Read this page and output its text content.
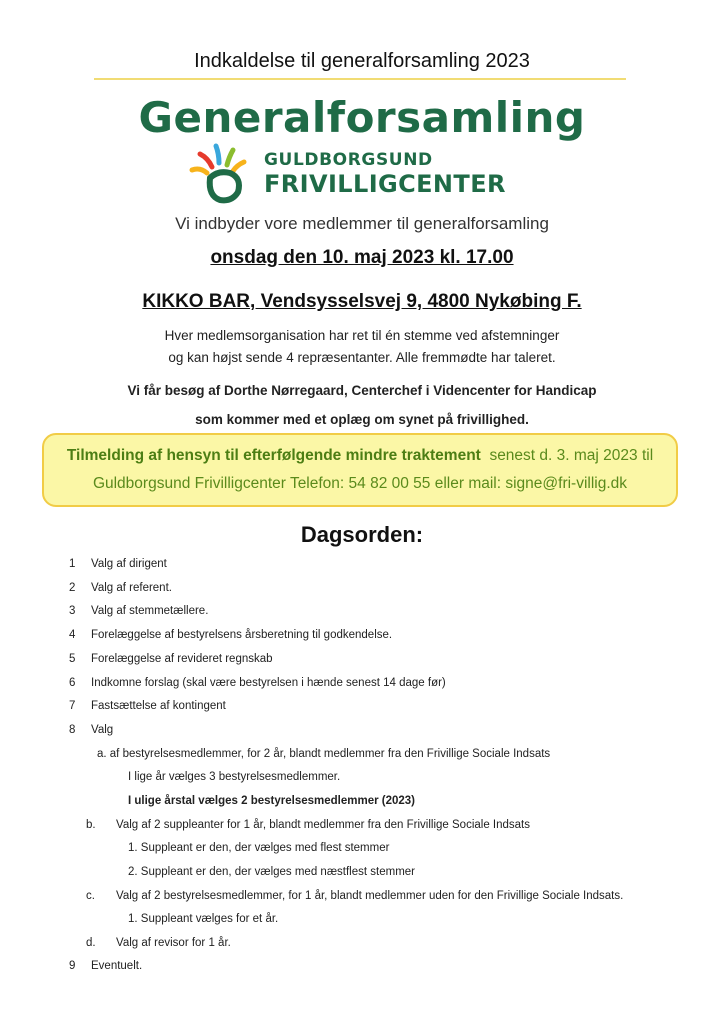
Indkaldelse til generalforsamling 2023
Generalforsamling
GULDBORGSUND
FRIVILLIGCENTER
Vi indbyder vore medlemmer til generalforsamling
onsdag den 10. maj 2023 kl. 17.00
KIKKO BAR, Vendsysselsvej 9, 4800 Nykøbing F.
Hver medlemsorganisation har ret til én stemme ved afstemninger
og kan højst sende 4 repræsentanter. Alle fremmødte har taleret.
Vi får besøg af Dorthe Nørregaard, Centerchef i Videncenter for Handicap
som kommer med et oplæg om synet på frivillighed.
Tilmelding af hensyn til efterfølgende mindre traktement  senest d. 3. maj 2023 til
Guldborgsund Frivilligcenter Telefon: 54 82 00 55 eller mail: signe@fri-villig.dk
Dagsorden:
1 Valg af dirigent
2 Valg af referent.
3 Valg af stemmetællere.
4 Forelæggelse af bestyrelsens årsberetning til godkendelse.
5 Forelæggelse af revideret regnskab
6 Indkomne forslag (skal være bestyrelsen i hænde senest 14 dage før)
7 Fastsættelse af kontingent
8 Valg
a. af bestyrelsesmedlemmer, for 2 år, blandt medlemmer fra den Frivillige Sociale Indsats
I lige år vælges 3 bestyrelsesmedlemmer.
I ulige årstal vælges 2 bestyrelsesmedlemmer (2023)
b. Valg af 2 suppleanter for 1 år, blandt medlemmer fra den Frivillige Sociale Indsats
1. Suppleant er den, der vælges med flest stemmer
2. Suppleant er den, der vælges med næstflest stemmer
c. Valg af 2 bestyrelsesmedlemmer, for 1 år, blandt medlemmer uden for den Frivillige Sociale Indsats.
1. Suppleant vælges for et år.
d. Valg af revisor for 1 år.
9 Eventuelt.
